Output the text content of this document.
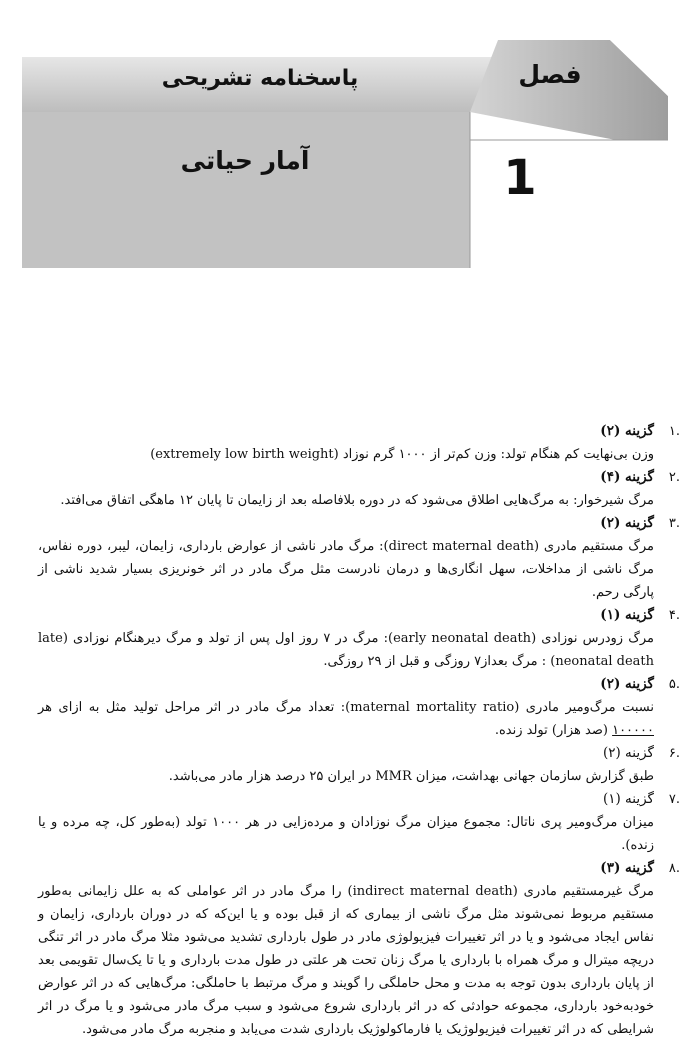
فصل
1
پاسخنامه تشریحی
آمار حیاتی
.۱
گزینه (۲)
وزن بی‌نهایت کم هنگام تولد: وزن کم‌تر از ۱۰۰۰ گرم نوزاد (extremely low birth weight)
.۲
گزینه (۴)
مرگ شیرخوار: به مرگ‌هایی اطلاق می‌شود که در دوره بلافاصله بعد از زایمان تا پایان ۱۲ ماهگی اتفاق می‌افتد.
.۳
گزینه (۲)
مرگ مستقیم مادری (direct maternal death): مرگ مادر ناشی از عوارض بارداری، زایمان، لیبر، دوره نفاس، مرگ ناشی از مداخلات، سهل انگاری‌ها و درمان نادرست مثل مرگ مادر در اثر خونریزی بسیار شدید ناشی از پارگی رحم.
.۴
گزینه (۱)
مرگ زودرس نوزادی (early neonatal death): مرگ در ۷ روز اول پس از تولد و مرگ دیرهنگام نوزادی (late neonatal death) : مرگ بعداز۷ روزگی و قبل از ۲۹ روزگی.
.۵
گزینه (۲)
نسبت مرگ‌ومیر مادری (maternal mortality ratio): تعداد مرگ مادر در اثر مراحل تولید مثل به ازای هر ۱۰۰۰۰۰ (صد هزار) تولد زنده.
.۶
گزینه (۲)
طبق گزارش سازمان جهانی بهداشت، میزان MMR در ایران ۲۵ درصد هزار مادر می‌باشد.
.۷
گزینه (۱)
میزان مرگ‌ومیر پری ناتال: مجموع میزان مرگ نوزادان و مرده‌زایی در هر ۱۰۰۰ تولد (به‌طور کل، چه مرده و یا زنده).
.۸
گزینه (۳)
مرگ غیرمستقیم مادری (indirect maternal death) را مرگ مادر در اثر عواملی که به علل زایمانی به‌طور مستقیم مربوط نمی‌شوند مثل مرگ ناشی از بیماری که از قبل بوده و یا این‌که که در دوران بارداری، زایمان و نفاس ایجاد می‌شود و یا در اثر تغییرات فیزیولوژی مادر در طول بارداری تشدید می‌شود مثلا مرگ مادر در اثر تنگی دریچه میترال و مرگ همراه با بارداری یا مرگ زنان تحت هر علتی در طول مدت بارداری و یا تا یک‌سال تقویمی بعد از پایان بارداری بدون توجه به مدت و محل حاملگی را گویند و مرگ مرتبط با حاملگی: مرگ‌هایی که در اثر عوارض خودبه‌خود بارداری، مجموعه حوادثی که در اثر بارداری شروع می‌شود و سبب مرگ مادر می‌شود و یا مرگ در اثر شرایطی که در اثر تغییرات فیزیولوژیک یا فارماکولوژیک بارداری شدت می‌یابد و منجربه مرگ مادر می‌شود.
